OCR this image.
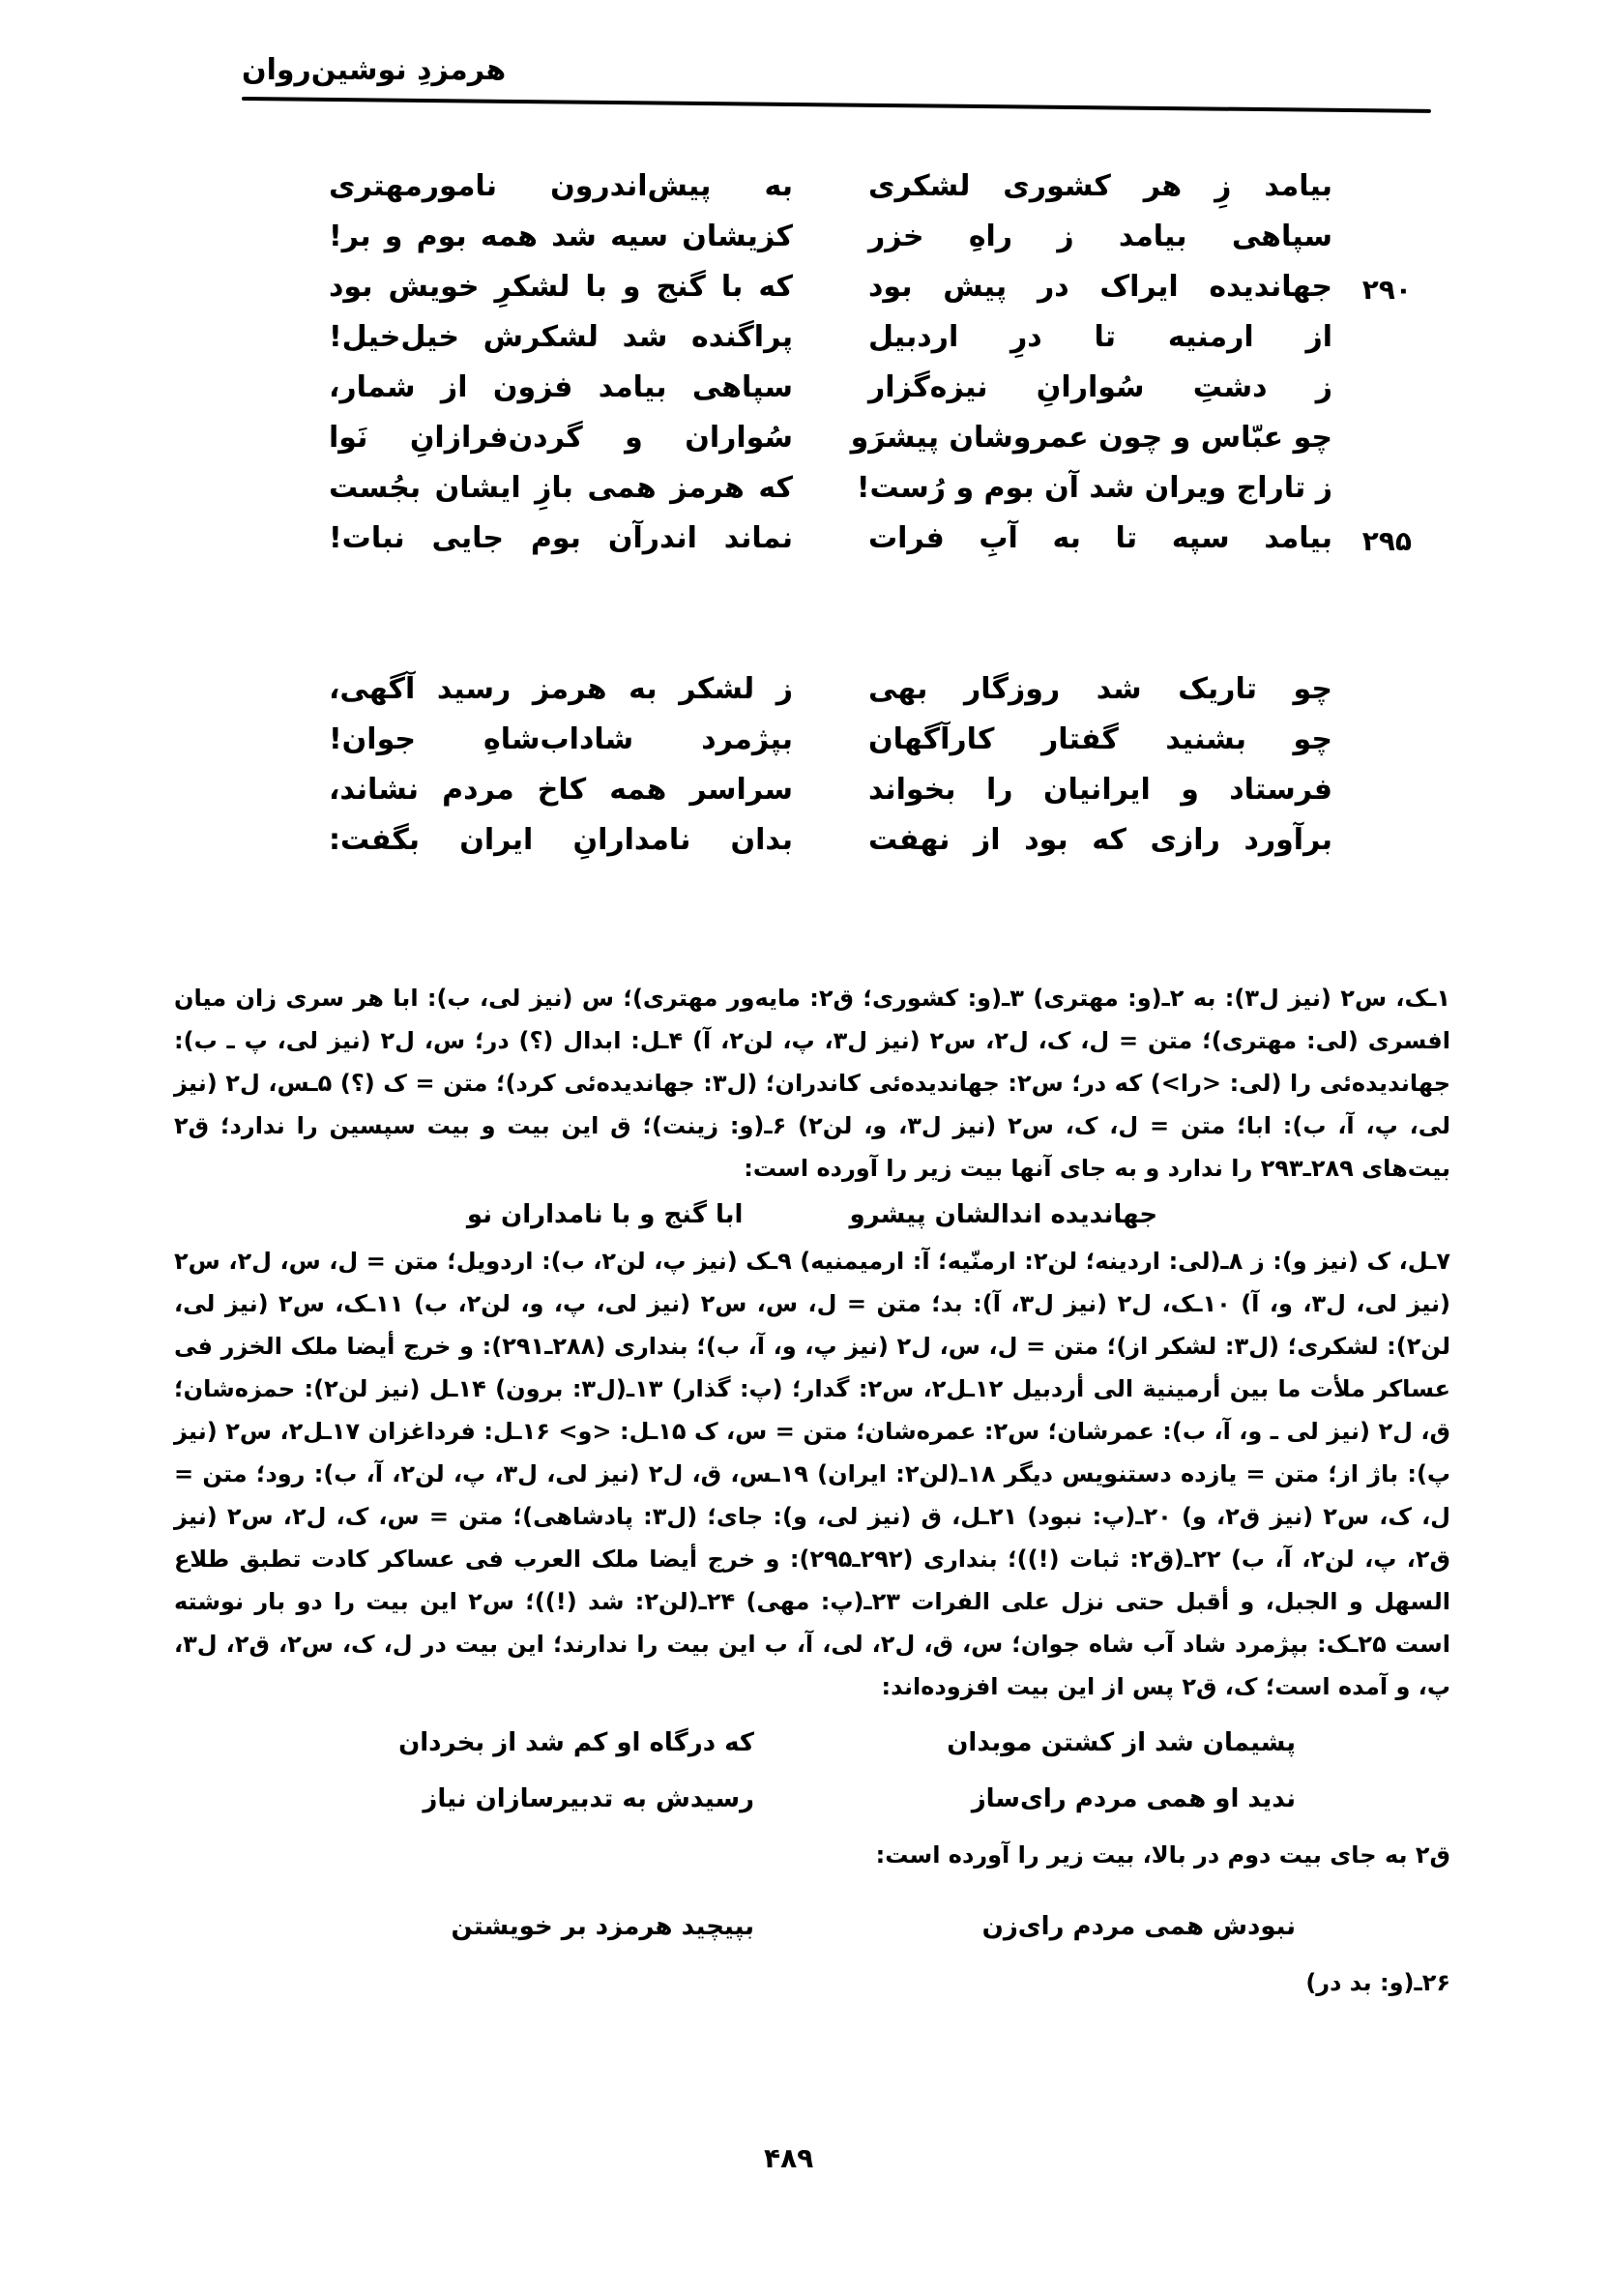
هرمزدِ نوشین‌روان
بیامد زِ هر کشوری لشکری
به پیش‌اندرون نامورمهتری
سپاهی بیامد ز راهِ خزر
کزیشان سیه شد همه بوم و بر!
۲۹۰
جهاندیده ایراک در پیش بود
که با گنج و با لشکرِ خویش بود
از ارمنیه تا درِ اردبیل
پراگنده شد لشکرش خیل‌خیل!
ز دشتِ سُوارانِ نیزه‌گزار
سپاهی بیامد فزون از شمار،
چو عبّاس و چون عمروشان پیشرَو
سُواران و گردن‌فرازانِ نَوا
ز تاراج ویران شد آن بوم و رُست!
که هرمز همی بازِ ایشان بجُست
۲۹۵
بیامد سپه تا به آبِ فرات
نماند اندرآن بوم جایی نبات!
چو تاریک شد روزگار بهی
ز لشکر به هرمز رسید آگهی،
چو بشنید گفتار کارآگهان
بپژمرد شاداب‌شاهِ جوان!
فرستاد و ایرانیان را بخواند
سراسر همه کاخ مردم نشاند،
برآورد رازی که بود از نهفت
بدان نامدارانِ ایران بگفت:

۱ـک، س۲ (نیز ل۳): به ۲ـ(و: مهتری) ۳ـ(و: کشوری؛ ق۲: مایه‌ور مهتری)؛ س (نیز لی، ب): ابا هر سری زان میان افسری (لی: مهتری)؛ متن = ل، ک، ل۲، س۲ (نیز ل۳، پ، لن۲، آ) ۴ـل: ابدال (؟) در؛ س، ل۲ (نیز لی، پ ـ ب): جهاندیده‌ئی را (لی: <را>) که در؛ س۲: جهاندیده‌ئی کاندران؛ (ل۳: جهاندیده‌ئی کرد)؛ متن = ک (؟) ۵ـس، ل۲ (نیز لی، پ، آ، ب): ابا؛ متن = ل، ک، س۲ (نیز ل۳، و، لن۲) ۶ـ(و: زینت)؛ ق این بیت و بیت سپسین را ندارد؛ ق۲ بیت‌های ۲۸۹ـ۲۹۳ را ندارد و به جای آنها بیت زیر را آورده است:

جهاندیده اندالشان پیشرو
ابا گنج و با نامداران نو

۷ـل، ک (نیز و): ز ۸ـ(لی: اردینه؛ لن۲: ارمنّیه؛ آ: ارمیمنیه) ۹ـک (نیز پ، لن۲، ب): اردویل؛ متن = ل، س، ل۲، س۲ (نیز لی، ل۳، و، آ) ۱۰ـک، ل۲ (نیز ل۳، آ): بد؛ متن = ل، س، س۲ (نیز لی، پ، و، لن۲، ب) ۱۱ـک، س۲ (نیز لی، لن۲): لشکری؛ (ل۳: لشکر از)؛ متن = ل، س، ل۲ (نیز پ، و، آ، ب)؛ بنداری (۲۸۸ـ۲۹۱): و خرج أیضا ملک الخزر فی عساکر ملأت ما بین أرمینیة الی أردبیل ۱۲ـل۲، س۲: گدار؛ (پ: گذار) ۱۳ـ(ل۳: برون) ۱۴ـل (نیز لن۲): حمزه‌شان؛ ق، ل۲ (نیز لی ـ و، آ، ب): عمرشان؛ س۲: عمره‌شان؛ متن = س، ک ۱۵ـل: <و> ۱۶ـل: فرداغزان ۱۷ـل۲، س۲ (نیز پ): باژ از؛ متن = یازده دستنویس دیگر ۱۸ـ(لن۲: ایران) ۱۹ـس، ق، ل۲ (نیز لی، ل۳، پ، لن۲، آ، ب): رود؛ متن = ل، ک، س۲ (نیز ق۲، و) ۲۰ـ(پ: نبود) ۲۱ـل، ق (نیز لی، و): جای؛ (ل۳: پادشاهی)؛ متن = س، ک، ل۲، س۲ (نیز ق۲، پ، لن۲، آ، ب) ۲۲ـ(ق۲: ثبات (!))؛ بنداری (۲۹۲ـ۲۹۵): و خرج أیضا ملک العرب فی عساکر کادت تطبق طلاع السهل و الجبل، و أقبل حتی نزل علی الفرات ۲۳ـ(پ: مهی) ۲۴ـ(لن۲: شد (!))؛ س۲ این بیت را دو بار نوشته است ۲۵ـک: بپژمرد شاد آب شاه جوان؛ س، ق، ل۲، لی، آ، ب این بیت را ندارند؛ این بیت در ل، ک، س۲، ق۲، ل۳، پ، و آمده است؛ ک، ق۲ پس از این بیت افزوده‌اند:

پشیمان شد از کشتن موبدان
که درگاه او کم شد از بخردان
ندید او همی مردم رای‌ساز
رسیدش به تدبیرسازان نیاز

ق۲ به جای بیت دوم در بالا، بیت زیر را آورده است:

نبودش همی مردم رای‌زن
بپیچید هرمزد بر خویشتن

۲۶ـ(و: بد در)

۴۸۹
